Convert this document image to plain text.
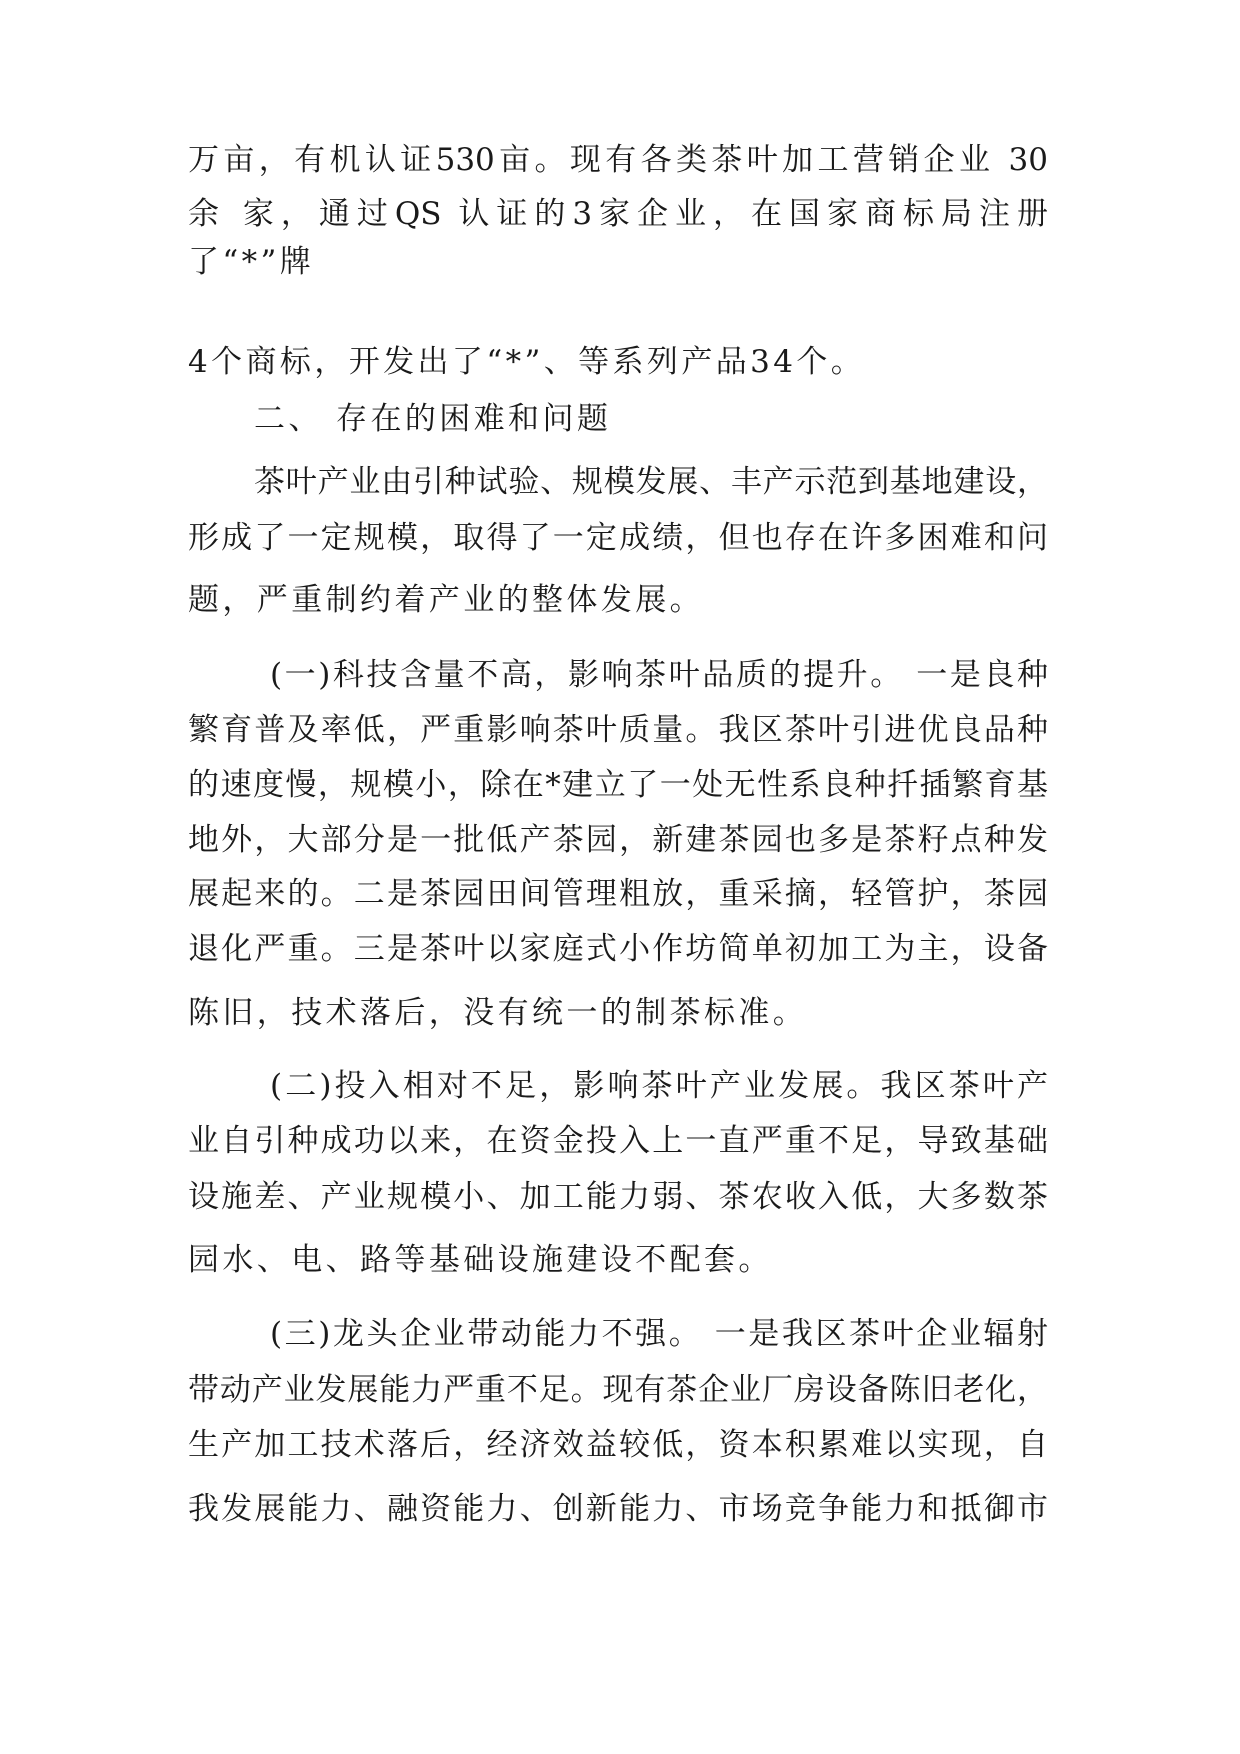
万亩，有机认证530亩。现有各类茶叶加工营销企业 30
余 家，通过QS 认证的3家企业，在国家商标局注册
了“*”牌
4个商标，开发出了“*”、等系列产品34个。
二、 存在的困难和问题
茶叶产业由引种试验、规模发展、丰产示范到基地建设，
形成了一定规模，取得了一定成绩，但也存在许多困难和问
题，严重制约着产业的整体发展。
(一)科技含量不高，影响茶叶品质的提升。 一是良种
繁育普及率低，严重影响茶叶质量。我区茶叶引进优良品种
的速度慢，规模小，除在*建立了一处无性系良种扦插繁育基
地外，大部分是一批低产茶园，新建茶园也多是茶籽点种发
展起来的。二是茶园田间管理粗放，重采摘，轻管护，茶园
退化严重。三是茶叶以家庭式小作坊简单初加工为主，设备
陈旧，技术落后，没有统一的制茶标准。
(二)投入相对不足，影响茶叶产业发展。我区茶叶产
业自引种成功以来，在资金投入上一直严重不足，导致基础
设施差、产业规模小、加工能力弱、茶农收入低，大多数茶
园水、电、路等基础设施建设不配套。
(三)龙头企业带动能力不强。 一是我区茶叶企业辐射
带动产业发展能力严重不足。现有茶企业厂房设备陈旧老化，
生产加工技术落后，经济效益较低，资本积累难以实现，自
我发展能力、融资能力、创新能力、市场竞争能力和抵御市
